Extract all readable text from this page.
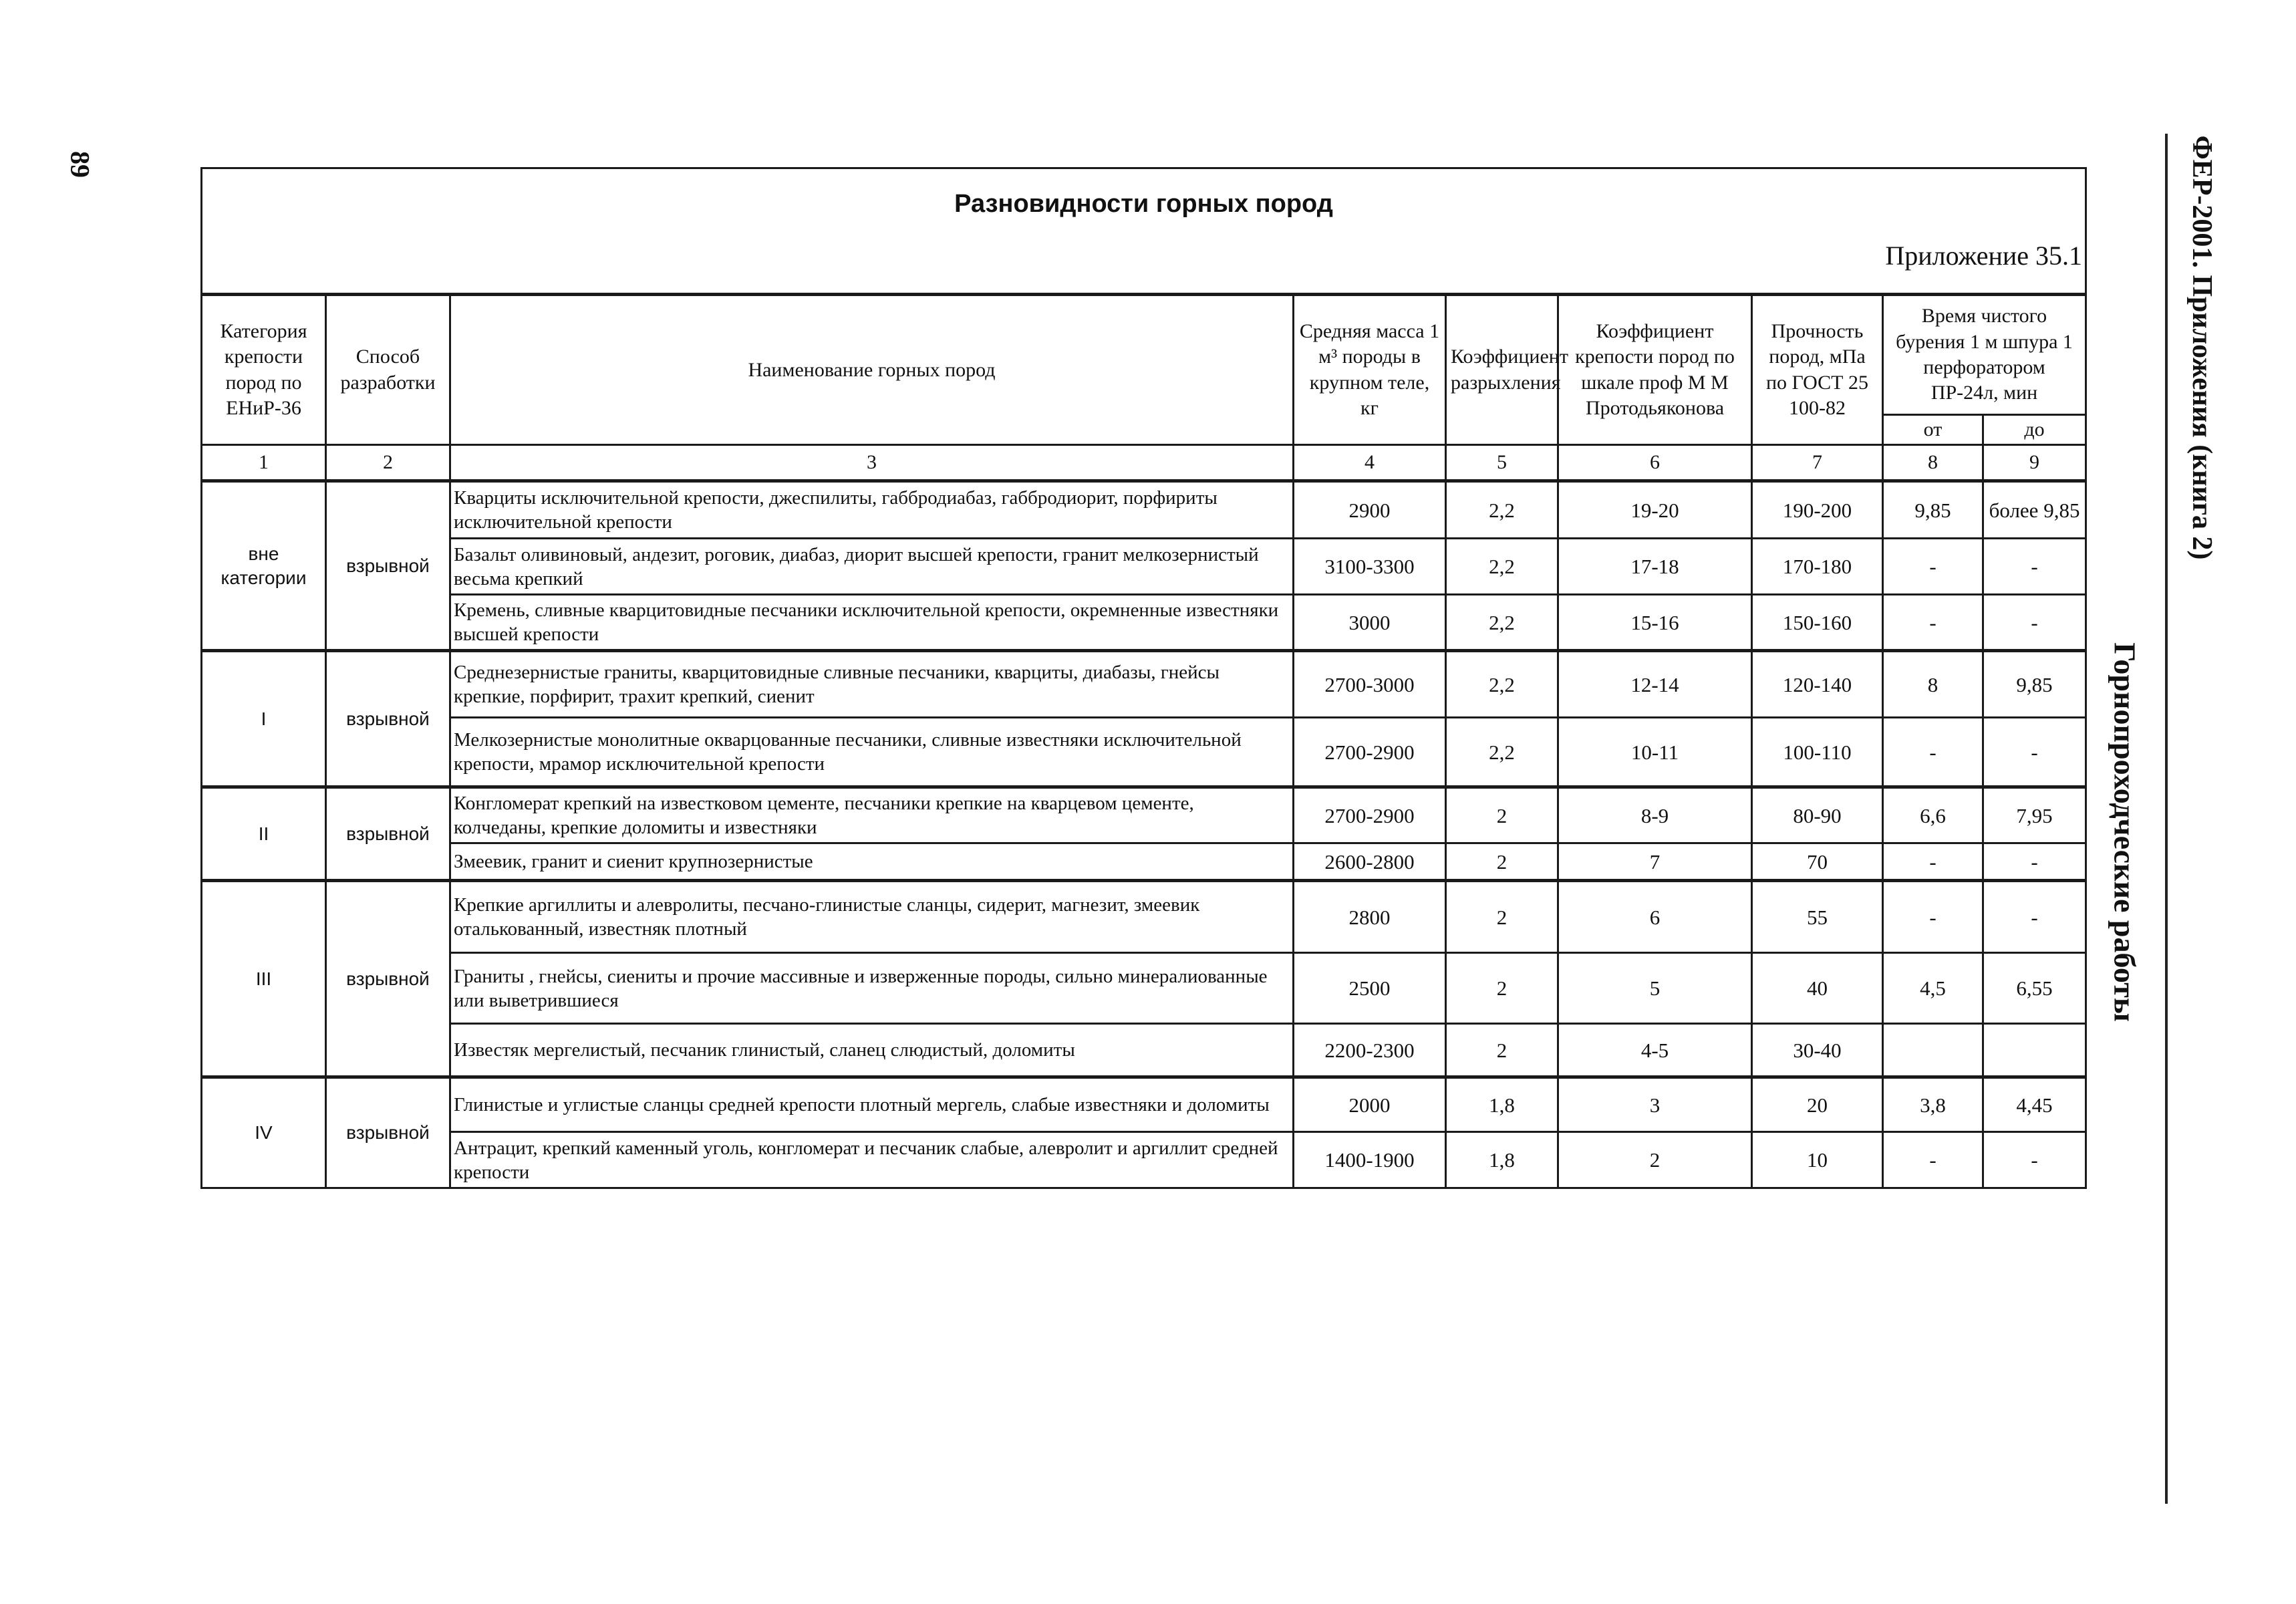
89	ФЕР-2001. Приложения (книга 2)
Горнопроходческие работы
Разновидности горных пород
Приложение 35.1								

Категория крепости пород по ЕНиР-36	Способ разработки	Наименование горных пород	Средняя масса 1 м³ породы в крупном теле, кг	Коэффициент разрыхления	Коэффициент крепости пород по шкале проф М М Протодьяконова	Прочность пород, мПа по ГОСТ 25 100-82	Время чистого бурения 1 м шпура 1 перфоратором ПР-24л, мин	
							от	до
1	2	3	4	5	6	7	8	9
вне категории	взрывной	Кварциты исключительной крепости, джеспилиты, габбродиабаз, габбродиорит, порфириты исключительной крепости	2900	2,2	19-20	190-200	9,85	более 9,85
		Базальт оливиновый, андезит, роговик, диабаз, диорит высшей крепости, гранит мелкозернистый весьма крепкий	3100-3300	2,2	17-18	170-180	-	-
		Кремень, сливные кварцитовидные песчаники исключительной крепости, окремненные известняки высшей крепости	3000	2,2	15-16	150-160	-	-
I	взрывной	Среднезернистые граниты, кварцитовидные сливные песчаники, кварциты, диабазы, гнейсы крепкие, порфирит, трахит крепкий, сиенит	2700-3000	2,2	12-14	120-140	8	9,85
		Мелкозернистые монолитные окварцованные песчаники, сливные известняки исключительной крепости, мрамор исключительной крепости	2700-2900	2,2	10-11	100-110	-	-
II	взрывной	Конгломерат крепкий на известковом цементе, песчаники крепкие на кварцевом цементе, колчеданы, крепкие доломиты и известняки	2700-2900	2	8-9	80-90	6,6	7,95
		Змеевик, гранит и сиенит крупнозернистые	2600-2800	2	7	70	-	-
III	взрывной	Крепкие аргиллиты и алевролиты, песчано-глинистые сланцы, сидерит, магнезит, змеевик оталькованный, известняк плотный	2800	2	6	55	-	-
		Граниты , гнейсы, сиениты и прочие массивные и изверженные породы, сильно минералиованные или выветрившиеся	2500	2	5	40	4,5	6,55
		Известяк мергелистый, песчаник глинистый, сланец слюдистый, доломиты	2200-2300	2	4-5	30-40		
IV	взрывной	Глинистые и углистые сланцы средней крепости плотный мергель, слабые известняки и доломиты	2000	1,8	3	20	3,8	4,45
		Антрацит, крепкий каменный уголь, конгломерат и песчаник слабые, алевролит и аргиллит средней крепости	1400-1900	1,8	2	10	-	-
